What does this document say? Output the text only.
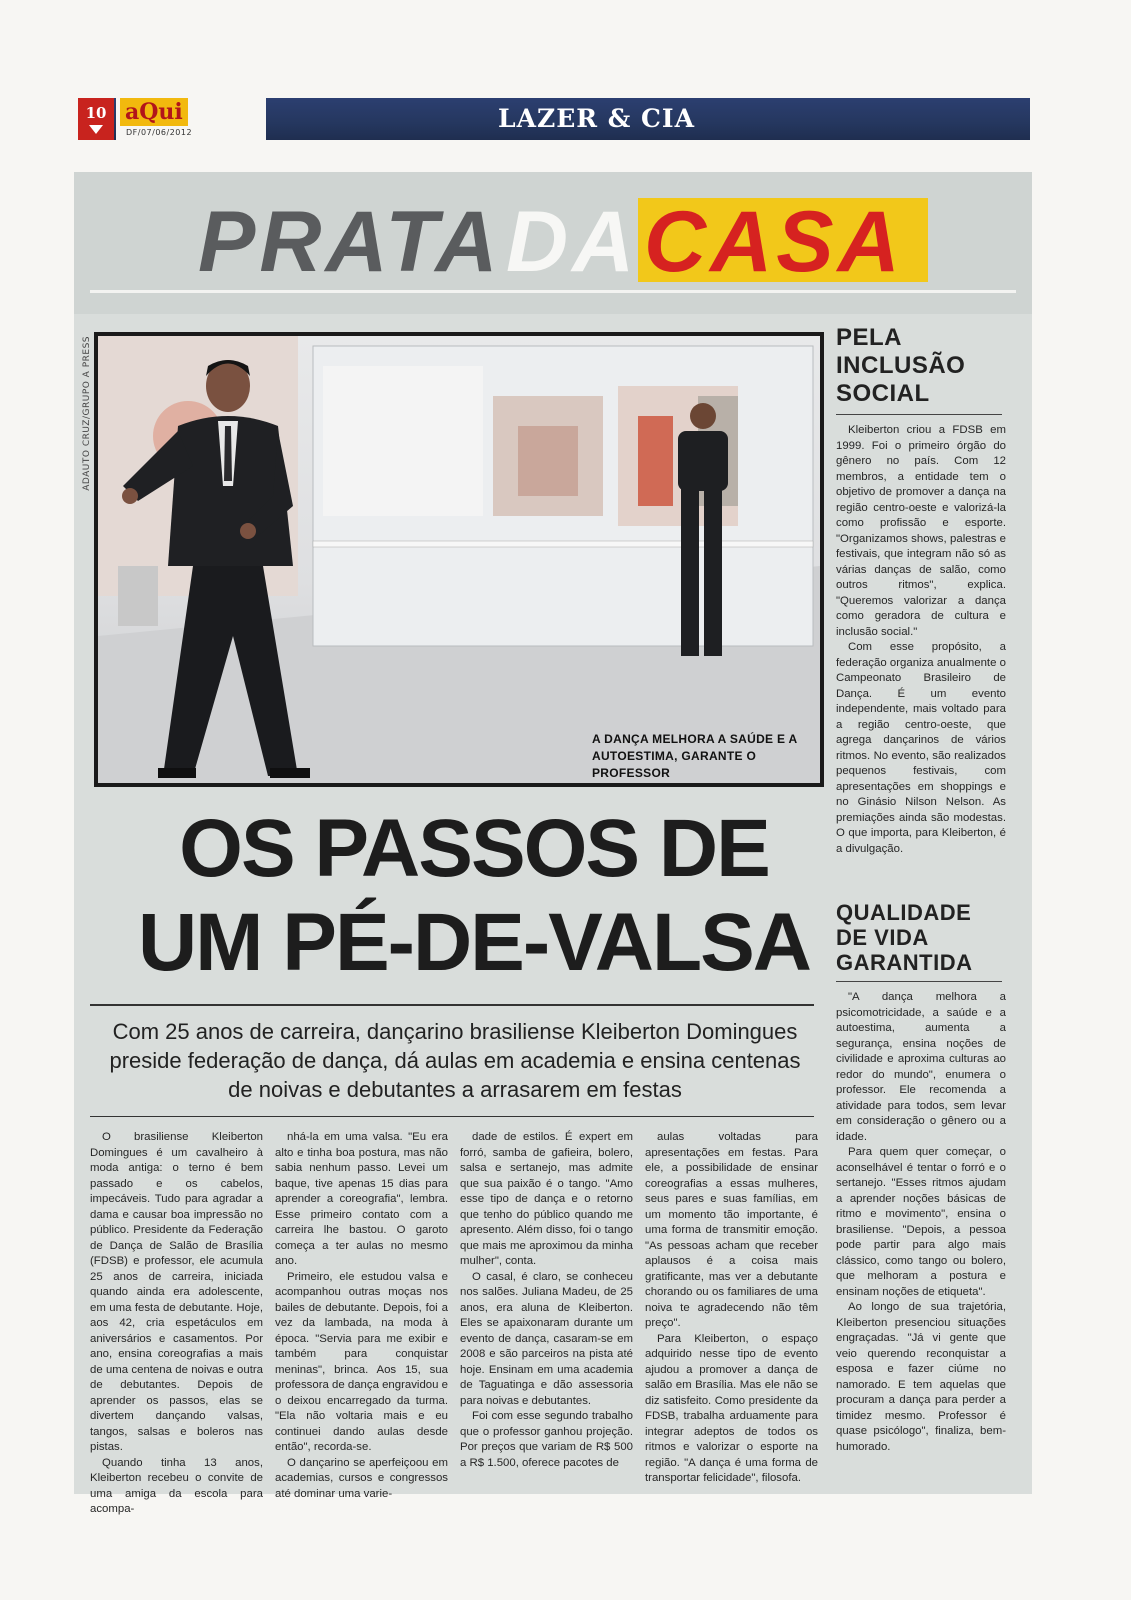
10 aQui
DF/07/06/2012	LAZER & CIA
PRATA DA CASA
ADAUTO CRUZ/GRUPO A PRESS
A DANÇA MELHORA A SAÚDE E A AUTOESTIMA, GARANTE O PROFESSOR
OS PASSOS DE
UM PÉ-DE-VALSA
Com 25 anos de carreira, dançarino brasiliense Kleiberton Domingues preside federação de dança, dá aulas em academia e ensina centenas de noivas e debutantes a arrasarem em festas

O brasiliense Kleiberton Domingues é um cavalheiro à moda antiga: o terno é bem passado e os cabelos, impecáveis. Tudo para agradar a dama e causar boa impressão no público. Presidente da Federação de Dança de Salão de Brasília (FDSB) e professor, ele acumula 25 anos de carreira, iniciada quando ainda era adolescente, em uma festa de debutante. Hoje, aos 42, cria espetáculos em aniversários e casamentos. Por ano, ensina coreografias a mais de uma centena de noivas e outra de debutantes. Depois de aprender os passos, elas se divertem dançando valsas, tangos, salsas e boleros nas pistas.

Quando tinha 13 anos, Kleiberton recebeu o convite de uma amiga da escola para acompa-

nhá-la em uma valsa. "Eu era alto e tinha boa postura, mas não sabia nenhum passo. Levei um baque, tive apenas 15 dias para aprender a coreografia", lembra. Esse primeiro contato com a carreira lhe bastou. O garoto começa a ter aulas no mesmo ano.

Primeiro, ele estudou valsa e acompanhou outras moças nos bailes de debutante. Depois, foi a vez da lambada, na moda à época. "Servia para me exibir e também para conquistar meninas", brinca. Aos 15, sua professora de dança engravidou e o deixou encarregado da turma. "Ela não voltaria mais e eu continuei dando aulas desde então", recorda-se.

O dançarino se aperfeiçoou em academias, cursos e congressos até dominar uma varie-

dade de estilos. É expert em forró, samba de gafieira, bolero, salsa e sertanejo, mas admite que sua paixão é o tango. "Amo esse tipo de dança e o retorno que tenho do público quando me apresento. Além disso, foi o tango que mais me aproximou da minha mulher", conta.

O casal, é claro, se conheceu nos salões. Juliana Madeu, de 25 anos, era aluna de Kleiberton. Eles se apaixonaram durante um evento de dança, casaram-se em 2008 e são parceiros na pista até hoje. Ensinam em uma academia de Taguatinga e dão assessoria para noivas e debutantes.

Foi com esse segundo trabalho que o professor ganhou projeção. Por preços que variam de R$ 500 a R$ 1.500, oferece pacotes de

aulas voltadas para apresentações em festas. Para ele, a possibilidade de ensinar coreografias a essas mulheres, seus pares e suas famílias, em um momento tão importante, é uma forma de transmitir emoção. "As pessoas acham que receber aplausos é a coisa mais gratificante, mas ver a debutante chorando ou os familiares de uma noiva te agradecendo não têm preço".

Para Kleiberton, o espaço adquirido nesse tipo de evento ajudou a promover a dança de salão em Brasília. Mas ele não se diz satisfeito. Como presidente da FDSB, trabalha arduamente para integrar adeptos de todos os ritmos e valorizar o esporte na região. "A dança é uma forma de transportar felicidade", filosofa.

PELA
INCLUSÃO
SOCIAL

Kleiberton criou a FDSB em 1999. Foi o primeiro órgão do gênero no país. Com 12 membros, a entidade tem o objetivo de promover a dança na região centro-oeste e valorizá-la como profissão e esporte. "Organizamos shows, palestras e festivais, que integram não só as várias danças de salão, como outros ritmos", explica. "Queremos valorizar a dança como geradora de cultura e inclusão social."

Com esse propósito, a federação organiza anualmente o Campeonato Brasileiro de Dança. É um evento independente, mais voltado para a região centro-oeste, que agrega dançarinos de vários ritmos. No evento, são realizados pequenos festivais, com apresentações em shoppings e no Ginásio Nilson Nelson. As premiações ainda são modestas. O que importa, para Kleiberton, é a divulgação.

QUALIDADE
DE VIDA
GARANTIDA

"A dança melhora a psicomotricidade, a saúde e a autoestima, aumenta a segurança, ensina noções de civilidade e aproxima culturas ao redor do mundo", enumera o professor. Ele recomenda a atividade para todos, sem levar em consideração o gênero ou a idade.

Para quem quer começar, o aconselhável é tentar o forró e o sertanejo. "Esses ritmos ajudam a aprender noções básicas de ritmo e movimento", ensina o brasiliense. "Depois, a pessoa pode partir para algo mais clássico, como tango ou bolero, que melhoram a postura e ensinam noções de etiqueta".

Ao longo de sua trajetória, Kleiberton presenciou situações engraçadas. "Já vi gente que veio querendo reconquistar a esposa e fazer ciúme no namorado. E tem aquelas que procuram a dança para perder a timidez mesmo. Professor é quase psicólogo", finaliza, bem-humorado.
